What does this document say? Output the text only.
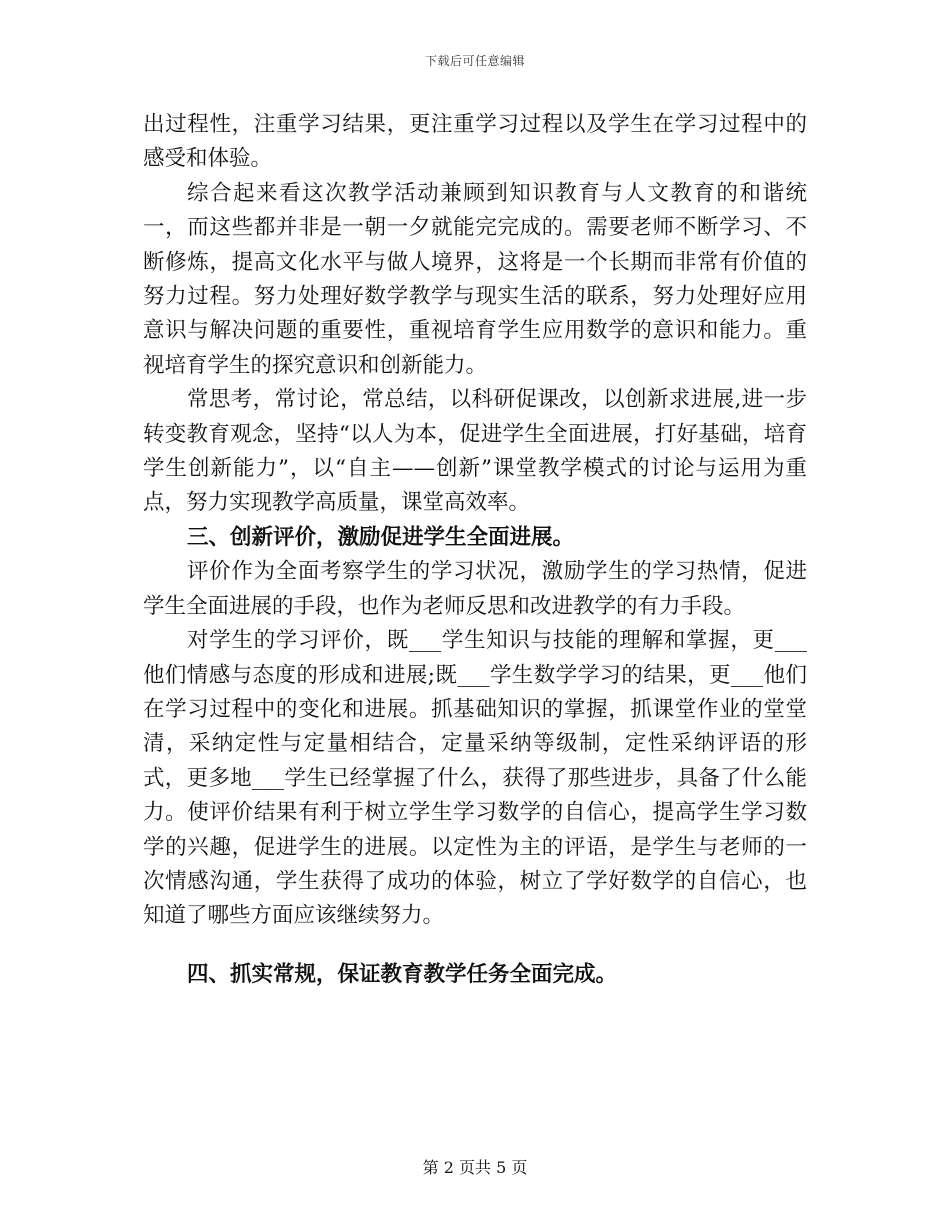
下载后可任意编辑

出过程性，注重学习结果，更注重学习过程以及学生在学习过程中的感受和体验。

综合起来看这次教学活动兼顾到知识教育与人文教育的和谐统一，而这些都并非是一朝一夕就能完完成的。需要老师不断学习、不断修炼，提高文化水平与做人境界，这将是一个长期而非常有价值的努力过程。努力处理好数学教学与现实生活的联系，努力处理好应用意识与解决问题的重要性，重视培育学生应用数学的意识和能力。重视培育学生的探究意识和创新能力。

常思考，常讨论，常总结，以科研促课改，以创新求进展,进一步转变教育观念，坚持“以人为本，促进学生全面进展，打好基础，培育学生创新能力”，以“自主——创新”课堂教学模式的讨论与运用为重点，努力实现教学高质量，课堂高效率。

三、创新评价，激励促进学生全面进展。

评价作为全面考察学生的学习状况，激励学生的学习热情，促进学生全面进展的手段，也作为老师反思和改进教学的有力手段。

对学生的学习评价，既___学生知识与技能的理解和掌握，更___他们情感与态度的形成和进展;既___学生数学学习的结果，更___他们在学习过程中的变化和进展。抓基础知识的掌握，抓课堂作业的堂堂清，采纳定性与定量相结合，定量采纳等级制，定性采纳评语的形式，更多地___学生已经掌握了什么，获得了那些进步，具备了什么能力。使评价结果有利于树立学生学习数学的自信心，提高学生学习数学的兴趣，促进学生的进展。以定性为主的评语，是学生与老师的一次情感沟通，学生获得了成功的体验，树立了学好数学的自信心，也知道了哪些方面应该继续努力。

四、抓实常规，保证教育教学任务全面完成。

第 2 页共 5 页
